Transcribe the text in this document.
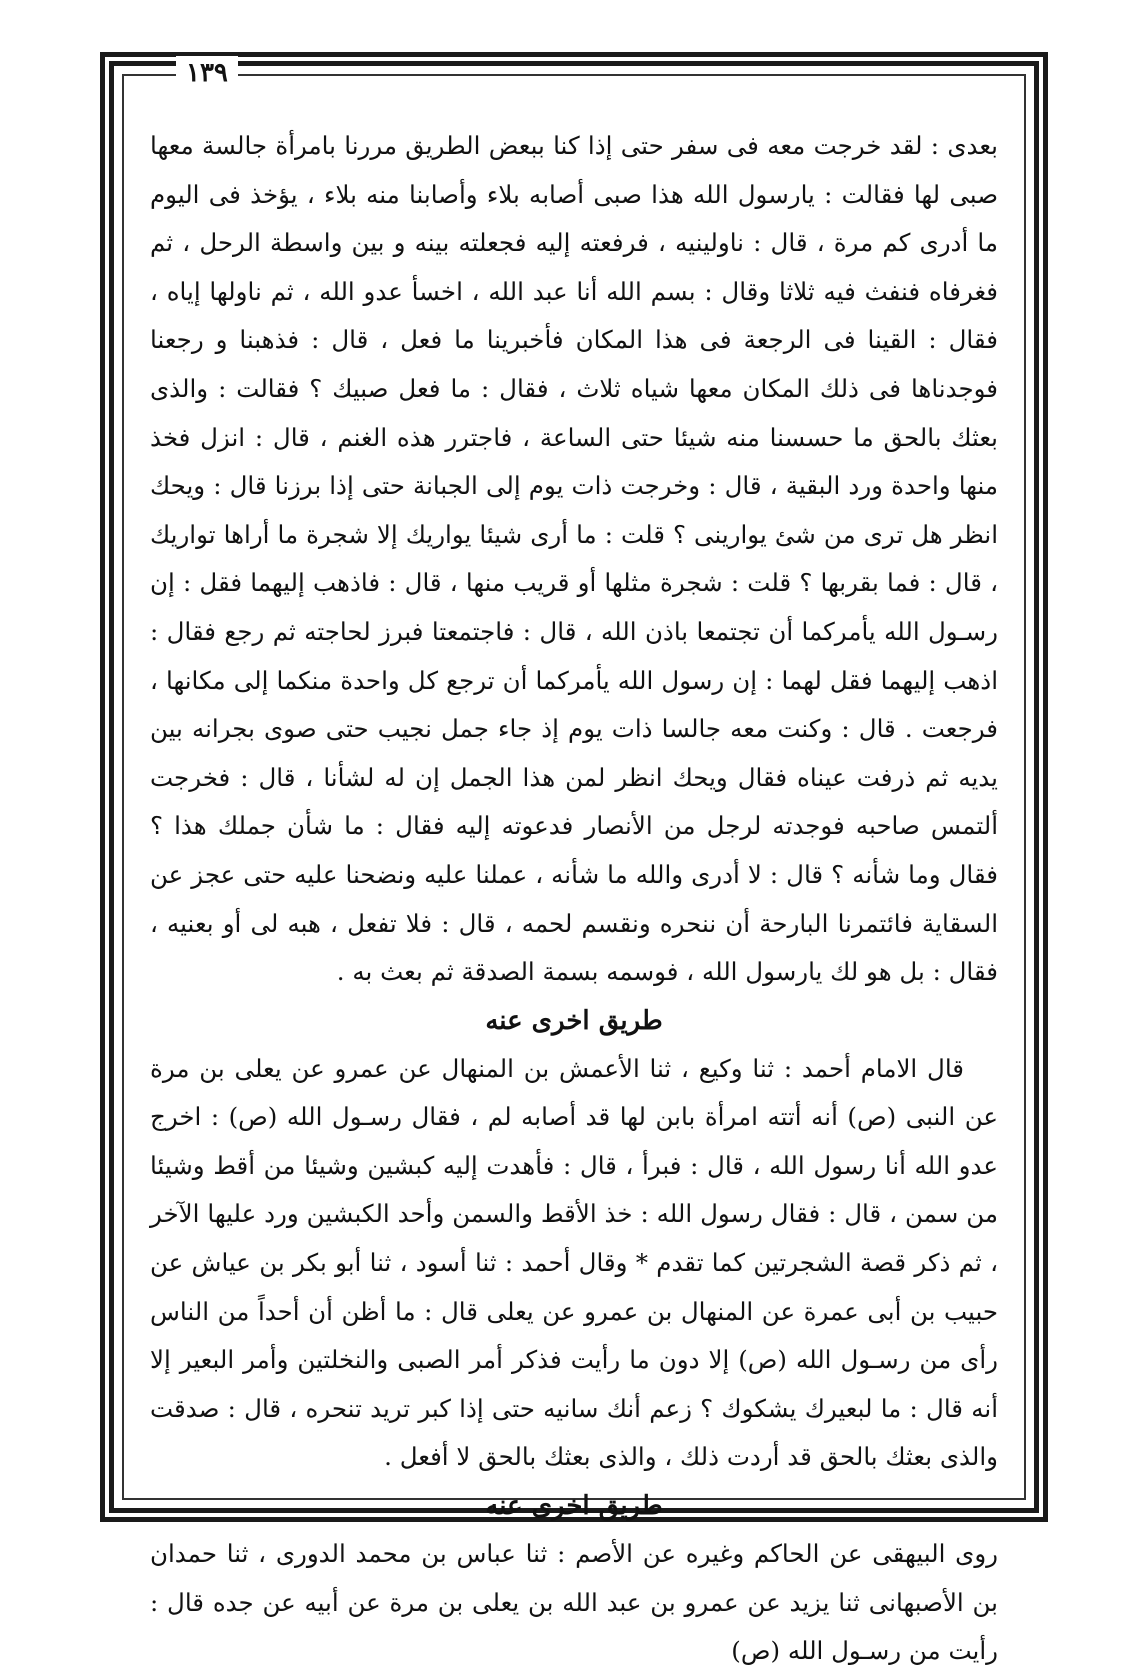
١٣٩

بعدى : لقد خرجت معه فى سفر حتى إذا كنا ببعض الطريق مررنا بامرأة جالسة معها صبى لها فقالت : يارسول الله هذا صبى أصابه بلاء وأصابنا منه بلاء ، يؤخذ فى اليوم ما أدرى كم مرة ، قال : ناولينيه ، فرفعته إليه فجعلته بينه و بين واسطة الرحل ، ثم فغرفاه فنفث فيه ثلاثا وقال : بسم الله أنا عبد الله ، اخسأ عدو الله ، ثم ناولها إياه ، فقال : القينا فى الرجعة فى هذا المكان فأخبرينا ما فعل ، قال : فذهبنا و رجعنا فوجدناها فى ذلك المكان معها شياه ثلاث ، فقال : ما فعل صبيك ؟ فقالت : والذى بعثك بالحق ما حسسنا منه شيئا حتى الساعة ، فاجترر هذه الغنم ، قال : انزل فخذ منها واحدة ورد البقية ، قال : وخرجت ذات يوم إلى الجبانة حتى إذا برزنا قال : ويحك انظر هل ترى من شئ يوارينى ؟ قلت : ما أرى شيئا يواريك إلا شجرة ما أراها تواريك ، قال : فما بقربها ؟ قلت : شجرة مثلها أو قريب منها ، قال : فاذهب إليهما فقل : إن رسـول الله يأمركما أن تجتمعا باذن الله ، قال : فاجتمعتا فبرز لحاجته ثم رجع فقال : اذهب إليهما فقل لهما : إن رسول الله يأمركما أن ترجع كل واحدة منكما إلى مكانها ، فرجعت . قال : وكنت معه جالسا ذات يوم إذ جاء جمل نجيب حتى صوى بجرانه بين يديه ثم ذرفت عيناه فقال ويحك انظر لمن هذا الجمل إن له لشأنا ، قال : فخرجت ألتمس صاحبه فوجدته لرجل من الأنصار فدعوته إليه فقال : ما شأن جملك هذا ؟ فقال وما شأنه ؟ قال : لا أدرى والله ما شأنه ، عملنا عليه ونضحنا عليه حتى عجز عن السقاية فائتمرنا البارحة أن ننحره ونقسم لحمه ، قال : فلا تفعل ، هبه لى أو بعنيه ، فقال : بل هو لك يارسول الله ، فوسمه بسمة الصدقة ثم بعث به .

طريق اخرى عنه

قال الامام أحمد : ثنا وكيع ، ثنا الأعمش بن المنهال عن عمرو عن يعلى بن مرة عن النبى (ص) أنه أتته امرأة بابن لها قد أصابه لم ، فقال رسـول الله (ص) : اخرج عدو الله أنا رسول الله ، قال : فبرأ ، قال : فأهدت إليه كبشين وشيئا من أقط وشيئا من سمن ، قال : فقال رسول الله : خذ الأقط والسمن وأحد الكبشين ورد عليها الآخر ، ثم ذكر قصة الشجرتين كما تقدم * وقال أحمد : ثنا أسود ، ثنا أبو بكر بن عياش عن حبيب بن أبى عمرة عن المنهال بن عمرو عن يعلى قال : ما أظن أن أحداً من الناس رأى من رسـول الله (ص) إلا دون ما رأيت فذكر أمر الصبى والنخلتين وأمر البعير إلا أنه قال : ما لبعيرك يشكوك ؟ زعم أنك سانيه حتى إذا كبر تريد تنحره ، قال : صدقت والذى بعثك بالحق قد أردت ذلك ، والذى بعثك بالحق لا أفعل .

طريق اخرى عنه

روى البيهقى عن الحاكم وغيره عن الأصم : ثنا عباس بن محمد الدورى ، ثنا حمدان بن الأصبهانى ثنا يزيد عن عمرو بن عبد الله بن يعلى بن مرة عن أبيه عن جده قال : رأيت من رسـول الله (ص)
